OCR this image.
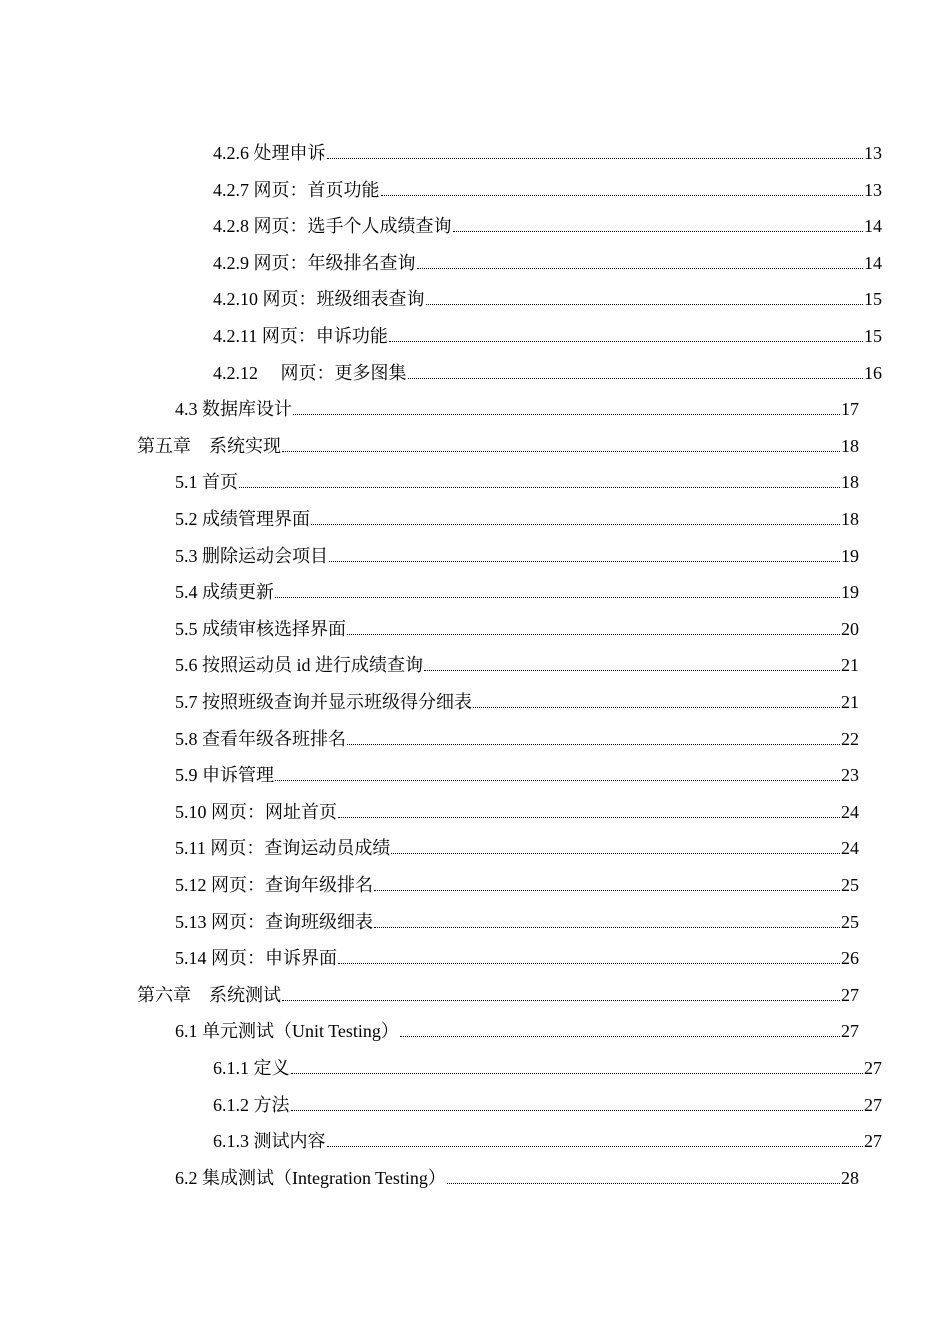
4.2.6 处理申诉	13
4.2.7 网页：首页功能	13
4.2.8 网页：选手个人成绩查询	14
4.2.9 网页：年级排名查询	14
4.2.10 网页：班级细表查询	15
4.2.11 网页：申诉功能	15
4.2.12　 网页：更多图集	16
4.3 数据库设计	17
第五章　系统实现	18
5.1 首页	18
5.2 成绩管理界面	18
5.3 删除运动会项目	19
5.4 成绩更新	19
5.5 成绩审核选择界面	20
5.6 按照运动员 id 进行成绩查询	21
5.7 按照班级查询并显示班级得分细表	21
5.8 查看年级各班排名	22
5.9 申诉管理	23
5.10 网页：网址首页	24
5.11 网页：查询运动员成绩	24
5.12 网页：查询年级排名	25
5.13 网页：查询班级细表	25
5.14 网页：申诉界面	26
第六章　系统测试	27
6.1 单元测试（Unit Testing）	27
6.1.1 定义	27
6.1.2 方法	27
6.1.3 测试内容	27
6.2 集成测试（Integration Testing）	28
